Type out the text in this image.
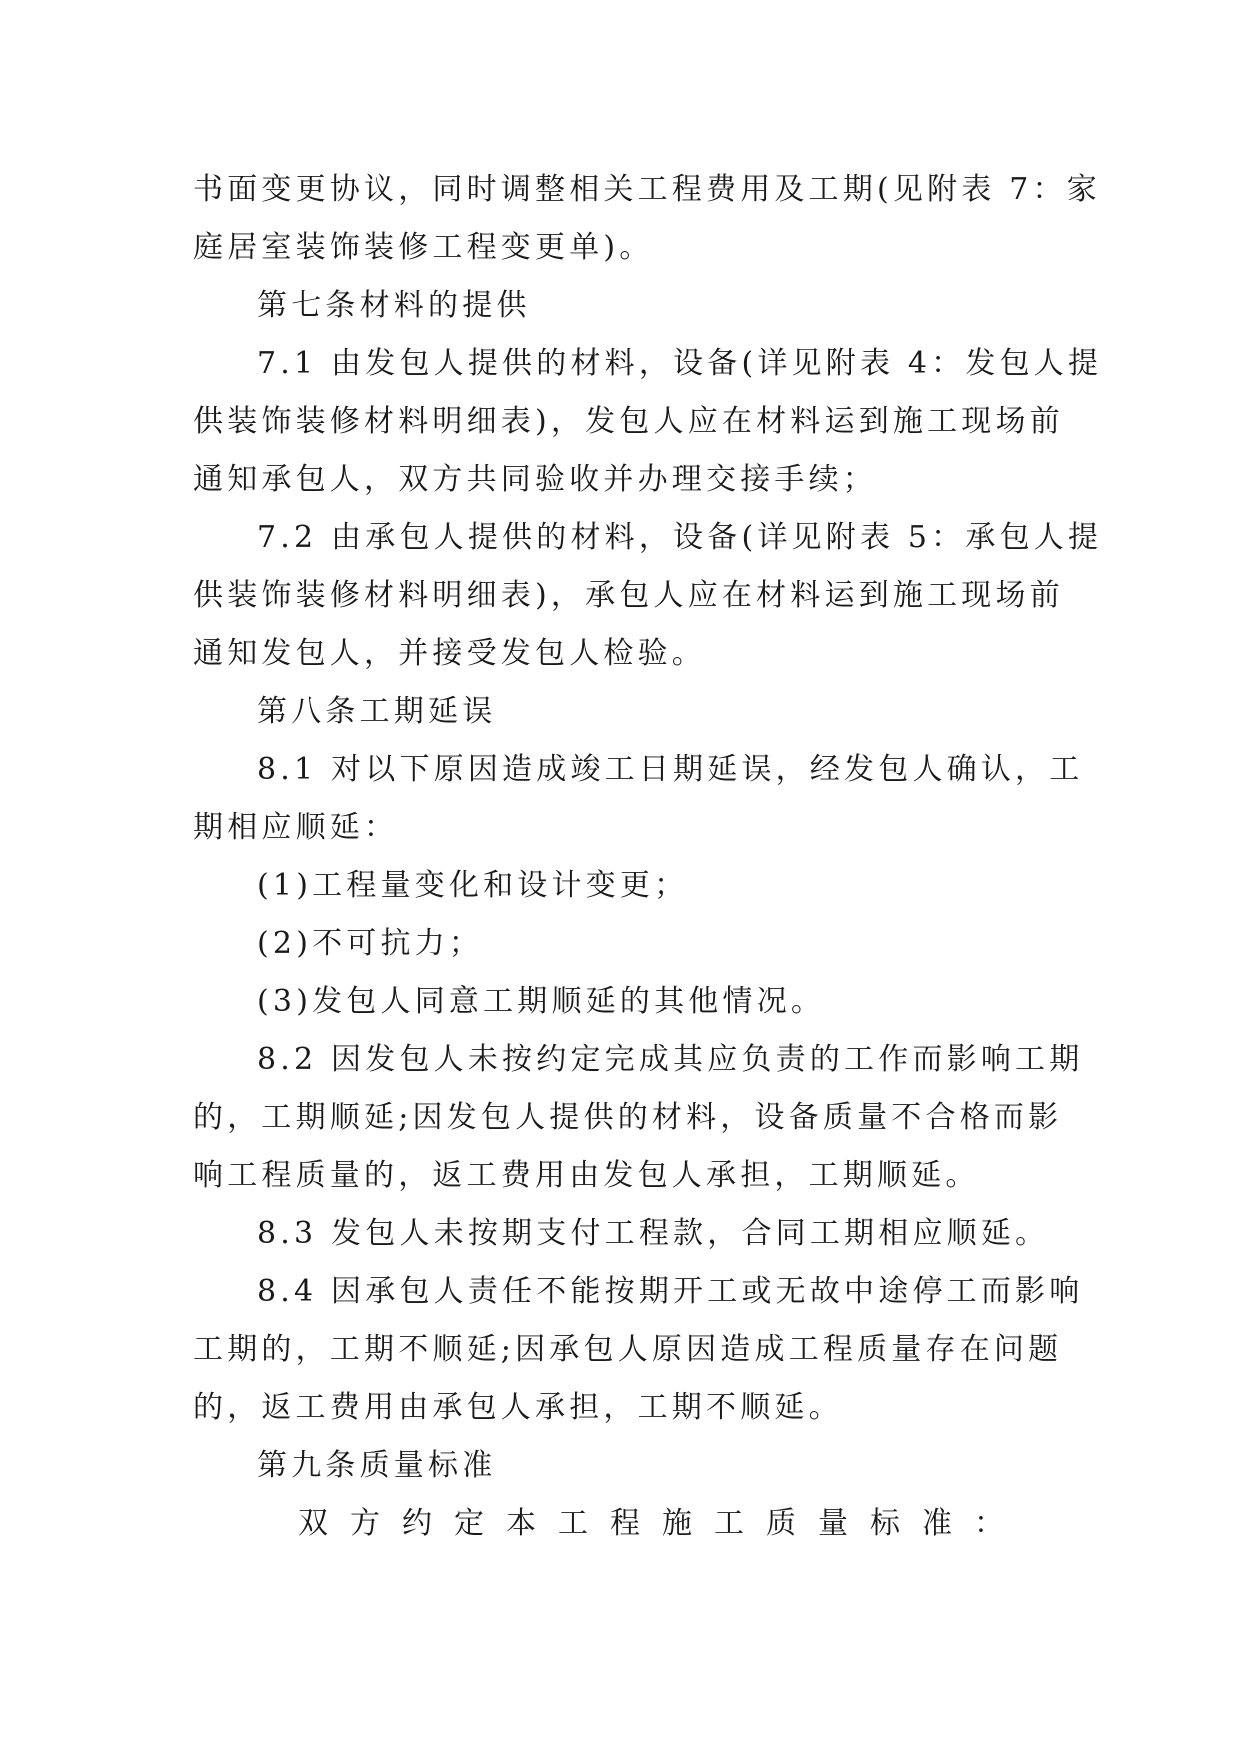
书面变更协议，同时调整相关工程费用及工期(见附表 7：家
庭居室装饰装修工程变更单)。
第七条材料的提供
7.1 由发包人提供的材料，设备(详见附表 4：发包人提
供装饰装修材料明细表)，发包人应在材料运到施工现场前
通知承包人，双方共同验收并办理交接手续；
7.2 由承包人提供的材料，设备(详见附表 5：承包人提
供装饰装修材料明细表)，承包人应在材料运到施工现场前
通知发包人，并接受发包人检验。
第八条工期延误
8.1 对以下原因造成竣工日期延误，经发包人确认，工
期相应顺延：
(1)工程量变化和设计变更；
(2)不可抗力；
(3)发包人同意工期顺延的其他情况。
8.2 因发包人未按约定完成其应负责的工作而影响工期
的，工期顺延;因发包人提供的材料，设备质量不合格而影
响工程质量的，返工费用由发包人承担，工期顺延。
8.3 发包人未按期支付工程款，合同工期相应顺延。
8.4 因承包人责任不能按期开工或无故中途停工而影响
工期的，工期不顺延;因承包人原因造成工程质量存在问题
的，返工费用由承包人承担，工期不顺延。
第九条质量标准
双方约定本工程施工质量标准：
